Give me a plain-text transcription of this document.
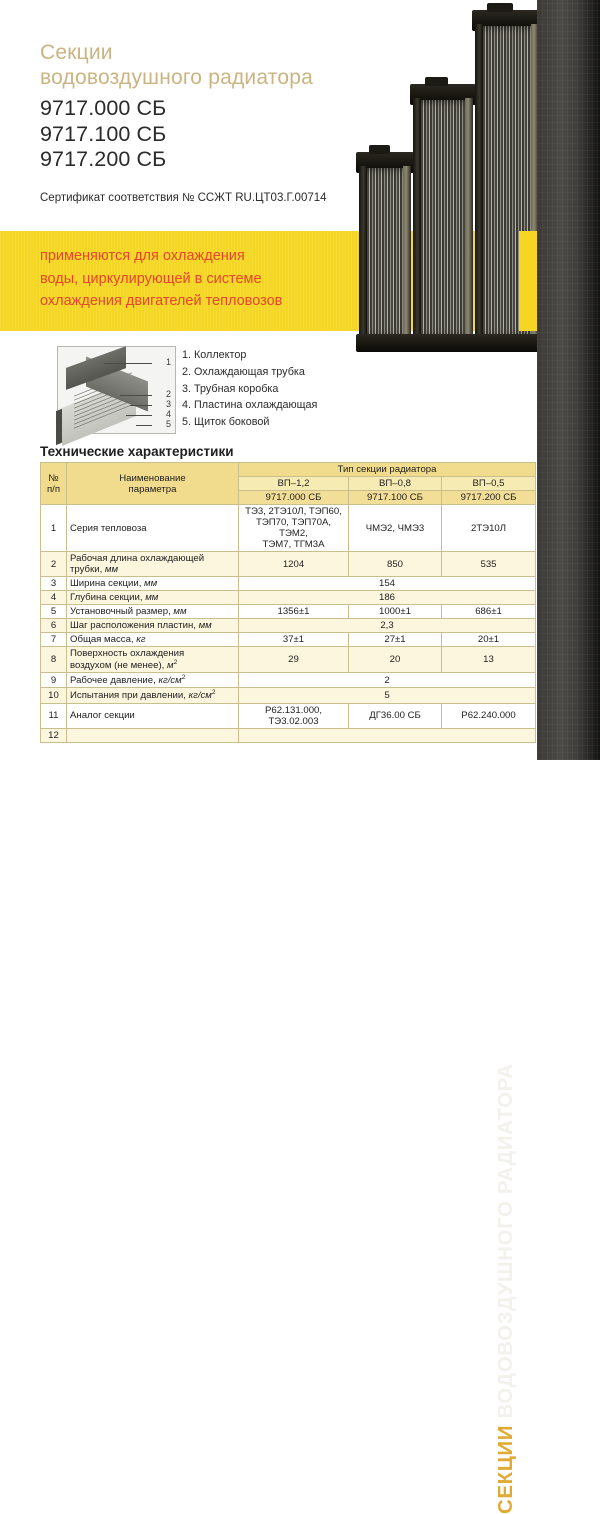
применяются для охлаждения
воды, циркулирующей в системе
охлаждения двигателей тепловозов
Секции
водовоздушного радиатора
9717.000 СБ
9717.100 СБ
9717.200 СБ
Сертификат соответствия № ССЖТ RU.ЦТ03.Г.00714
1
2
3
4
5
1. Коллектор
2. Охлаждающая трубка
3. Трубная коробка
4. Пластина охлаждающая
5. Щиток боковой
Технические характеристики
№
п/п	Наименование
параметра	Тип секции радиатора		
		ВП–1,2	ВП–0,8	ВП–0,5
		9717.000 СБ	9717.100 СБ	9717.200 СБ
1	Серия тепловоза	ТЭ3, 2ТЭ10Л, ТЭП60,
ТЭП70, ТЭП70А, ТЭМ2,
ТЭМ7, ТГМ3А	ЧМЭ2, ЧМЭ3	2ТЭ10Л
2	Рабочая длина охлаждающей
трубки, мм	1204	850	535
3	Ширина секции, мм	154		
4	Глубина секции, мм	186		
5	Установочный размер, мм	1356±1	1000±1	686±1
6	Шаг расположения пластин, мм	2,3		
7	Общая масса, кг	37±1	27±1	20±1
8	Поверхность охлаждения
воздухом (не менее), $м^2$	29	20	13
9	Рабочее давление, $кг/см^2$	2		
10	Испытания при давлении, $кг/см^2$	5		
11	Аналог секции	Р62.131.000, ТЭ3.02.003	ДГ36.00 СБ	Р62.240.000
12				
СЕКЦИИ ВОДОВОЗДУШНОГО РАДИАТОРА
